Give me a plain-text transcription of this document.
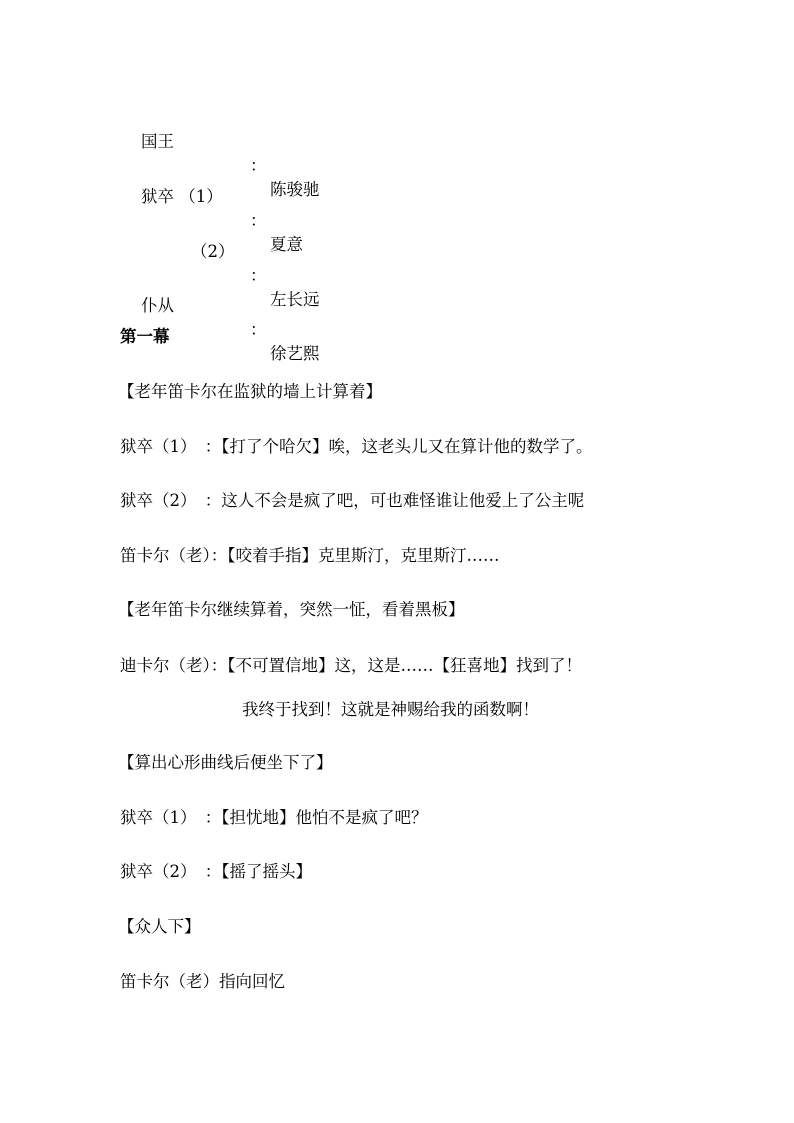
国王

：

陈骏驰

狱卒 （1）

：

夏意

（2）

：

左长远

仆从

：

徐艺熙

第一幕

【老年笛卡尔在监狱的墙上计算着】

狱卒（1）　：【打了个哈欠】唉，这老头儿又在算计他的数学了。

狱卒（2）　：这人不会是疯了吧，可也难怪谁让他爱上了公主呢

笛卡尔（老）：【咬着手指】克里斯汀，克里斯汀……

【老年笛卡尔继续算着，突然一怔，看着黑板】

迪卡尔（老）：【不可置信地】这，这是……【狂喜地】找到了！

我终于找到！这就是神赐给我的函数啊！

【算出心形曲线后便坐下了】

狱卒（1）　：【担忧地】他怕不是疯了吧？

狱卒（2）　：【摇了摇头】

【众人下】

笛卡尔（老）指向回忆
